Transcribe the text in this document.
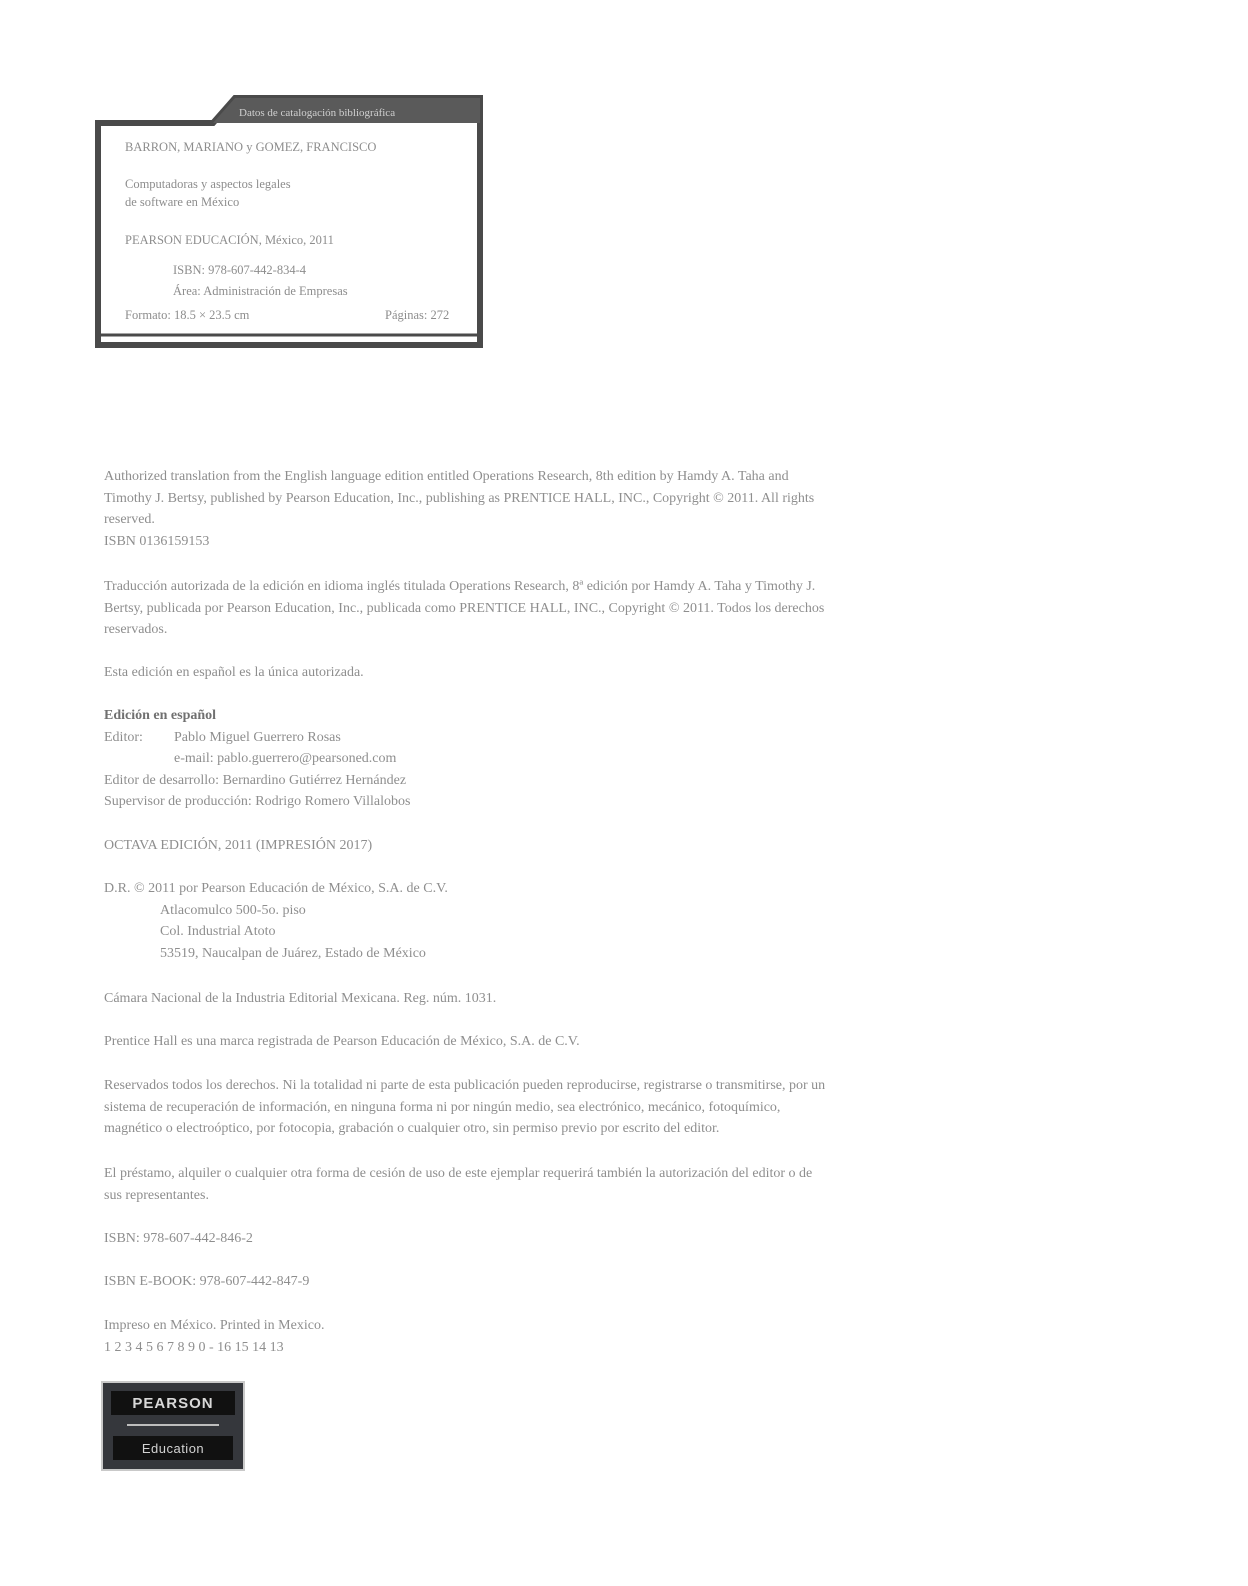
Datos de catalogación bibliográfica
BARRON, MARIANO y GOMEZ, FRANCISCO
Computadoras y aspectos legales
de software en México
PEARSON EDUCACIÓN, México, 2011
ISBN: 978-607-442-834-4
Área: Administración de Empresas
Formato: 18.5 × 23.5 cm	Páginas: 272
Authorized translation from the English language edition entitled Operations Research, 8th edition by Hamdy A. Taha and
Timothy J. Bertsy, published by Pearson Education, Inc., publishing as PRENTICE HALL, INC., Copyright © 2011. All rights
reserved.
ISBN 0136159153
Traducción autorizada de la edición en idioma inglés titulada Operations Research, 8ª edición por Hamdy A. Taha y Timothy J.
Bertsy, publicada por Pearson Education, Inc., publicada como PRENTICE HALL, INC., Copyright © 2011. Todos los derechos
reservados.
Esta edición en español es la única autorizada.
Edición en español
Editor:	Pablo Miguel Guerrero Rosas
e-mail: pablo.guerrero@pearsoned.com
Editor de desarrollo: Bernardino Gutiérrez Hernández
Supervisor de producción: Rodrigo Romero Villalobos
OCTAVA EDICIÓN, 2011 (IMPRESIÓN 2017)
D.R. © 2011 por Pearson Educación de México, S.A. de C.V.
Atlacomulco 500-5o. piso
Col. Industrial Atoto
53519, Naucalpan de Juárez, Estado de México
Cámara Nacional de la Industria Editorial Mexicana. Reg. núm. 1031.
Prentice Hall es una marca registrada de Pearson Educación de México, S.A. de C.V.
Reservados todos los derechos. Ni la totalidad ni parte de esta publicación pueden reproducirse, registrarse o transmitirse, por un
sistema de recuperación de información, en ninguna forma ni por ningún medio, sea electrónico, mecánico, fotoquímico,
magnético o electroóptico, por fotocopia, grabación o cualquier otro, sin permiso previo por escrito del editor.
El préstamo, alquiler o cualquier otra forma de cesión de uso de este ejemplar requerirá también la autorización del editor o de
sus representantes.
ISBN: 978-607-442-846-2
ISBN E-BOOK: 978-607-442-847-9
Impreso en México. Printed in Mexico.
1 2 3 4 5 6 7 8 9 0 - 16 15 14 13
PEARSON
Education
